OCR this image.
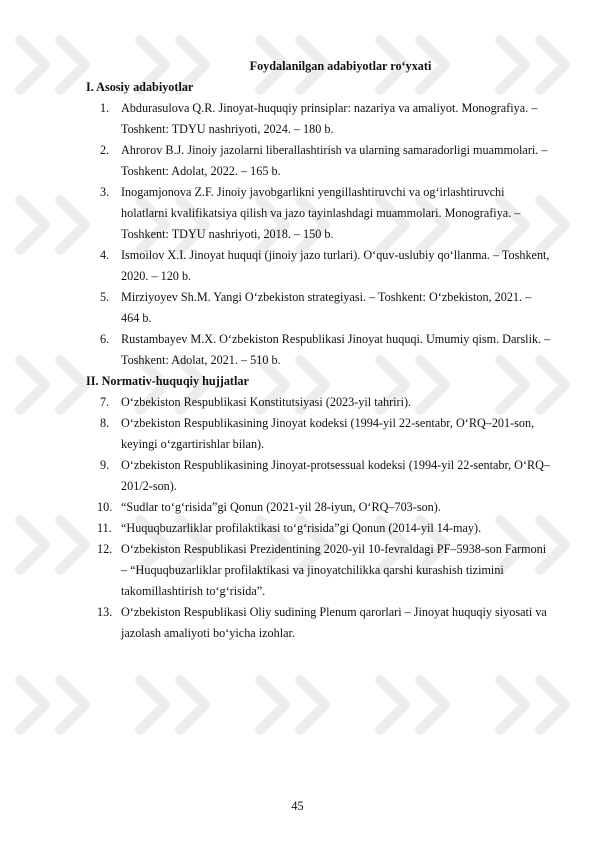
Foydalanilgan adabiyotlar ro‘yxati
I. Asosiy adabiyotlar
1. Abdurasulova Q.R. Jinoyat-huquqiy prinsiplar: nazariya va amaliyot. Monografiya. – Toshkent: TDYU nashriyoti, 2024. – 180 b.
2. Ahrorov B.J. Jinoiy jazolarni liberallashtirish va ularning samaradorligi muammolari. – Toshkent: Adolat, 2022. – 165 b.
3. Inogamjonova Z.F. Jinoiy javobgarlikni yengillashtiruvchi va og‘irlashtiruvchi holatlarni kvalifikatsiya qilish va jazo tayinlashdagi muammolari. Monografiya. – Toshkent: TDYU nashriyoti, 2018. – 150 b.
4. Ismoilov X.I. Jinoyat huquqi (jinoiy jazo turlari). O‘quv-uslubiy qo‘llanma. – Toshkent, 2020. – 120 b.
5. Mirziyoyev Sh.M. Yangi O‘zbekiston strategiyasi. – Toshkent: O‘zbekiston, 2021. – 464 b.
6. Rustambayev M.X. O‘zbekiston Respublikasi Jinoyat huquqi. Umumiy qism. Darslik. – Toshkent: Adolat, 2021. – 510 b.
II. Normativ-huquqiy hujjatlar
7. O‘zbekiston Respublikasi Konstitutsiyasi (2023-yil tahriri).
8. O‘zbekiston Respublikasining Jinoyat kodeksi (1994-yil 22-sentabr, O‘RQ–201-son, keyingi o‘zgartirishlar bilan).
9. O‘zbekiston Respublikasining Jinoyat-protsessual kodeksi (1994-yil 22-sentabr, O‘RQ–201/2-son).
10. “Sudlar to‘g‘risida”gi Qonun (2021-yil 28-iyun, O‘RQ–703-son).
11. “Huquqbuzarliklar profilaktikasi to‘g‘risida”gi Qonun (2014-yil 14-may).
12. O‘zbekiston Respublikasi Prezidentining 2020-yil 10-fevraldagi PF–5938-son Farmoni – “Huquqbuzarliklar profilaktikasi va jinoyatchilikka qarshi kurashish tizimini takomillashtirish to‘g‘risida”.
13. O‘zbekiston Respublikasi Oliy sudining Plenum qarorlari – Jinoyat huquqiy siyosati va jazolash amaliyoti bo‘yicha izohlar.
45
